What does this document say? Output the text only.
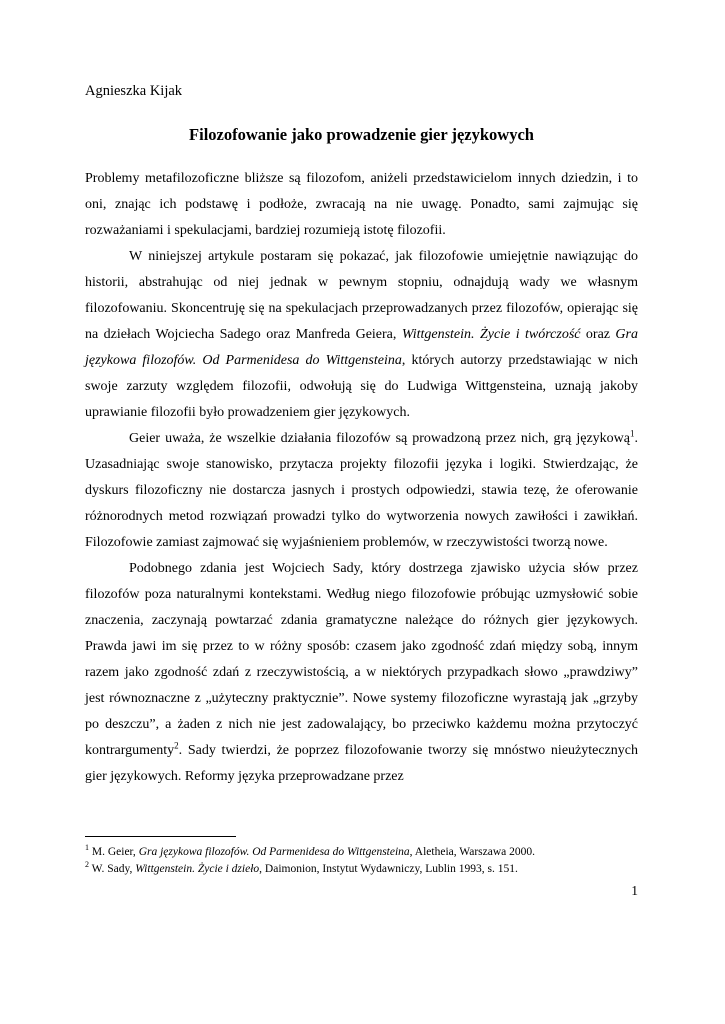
Agnieszka Kijak
Filozofowanie jako prowadzenie gier językowych

Problemy metafilozoficzne bliższe są filozofom, aniżeli przedstawicielom innych dziedzin, i to oni, znając ich podstawę i podłoże, zwracają na nie uwagę. Ponadto, sami zajmując się rozważaniami i spekulacjami, bardziej rozumieją istotę filozofii.

W niniejszej artykule postaram się pokazać, jak filozofowie umiejętnie nawiązując do historii, abstrahując od niej jednak w pewnym stopniu, odnajdują wady we własnym filozofowaniu. Skoncentruję się na spekulacjach przeprowadzanych przez filozofów, opierając się na dziełach Wojciecha Sadego oraz Manfreda Geiera, Wittgenstein. Życie i twórczość oraz Gra językowa filozofów. Od Parmenidesa do Wittgensteina, których autorzy przedstawiając w nich swoje zarzuty względem filozofii, odwołują się do Ludwiga Wittgensteina, uznają jakoby uprawianie filozofii było prowadzeniem gier językowych.

Geier uważa, że wszelkie działania filozofów są prowadzoną przez nich, grą językową$^1$. Uzasadniając swoje stanowisko, przytacza projekty filozofii języka i logiki. Stwierdzając, że dyskurs filozoficzny nie dostarcza jasnych i prostych odpowiedzi, stawia tezę, że oferowanie różnorodnych metod rozwiązań prowadzi tylko do wytworzenia nowych zawiłości i zawikłań. Filozofowie zamiast zajmować się wyjaśnieniem problemów, w rzeczywistości tworzą nowe.

Podobnego zdania jest Wojciech Sady, który dostrzega zjawisko użycia słów przez filozofów poza naturalnymi kontekstami. Według niego filozofowie próbując uzmysłowić sobie znaczenia, zaczynają powtarzać zdania gramatyczne należące do różnych gier językowych. Prawda jawi im się przez to w różny sposób: czasem jako zgodność zdań między sobą, innym razem jako zgodność zdań z rzeczywistością, a w niektórych przypadkach słowo „prawdziwy” jest równoznaczne z „użyteczny praktycznie”. Nowe systemy filozoficzne wyrastają jak „grzyby po deszczu”, a żaden z nich nie jest zadowalający, bo przeciwko każdemu można przytoczyć kontrargumenty$^2$. Sady twierdzi, że poprzez filozofowanie tworzy się mnóstwo nieużytecznych gier językowych. Reformy języka przeprowadzane przez

$^1$ M. Geier, Gra językowa filozofów. Od Parmenidesa do Wittgensteina, Aletheia, Warszawa 2000.
$^2$ W. Sady, Wittgenstein. Życie i dzieło, Daimonion, Instytut Wydawniczy, Lublin 1993, s. 151.
1
